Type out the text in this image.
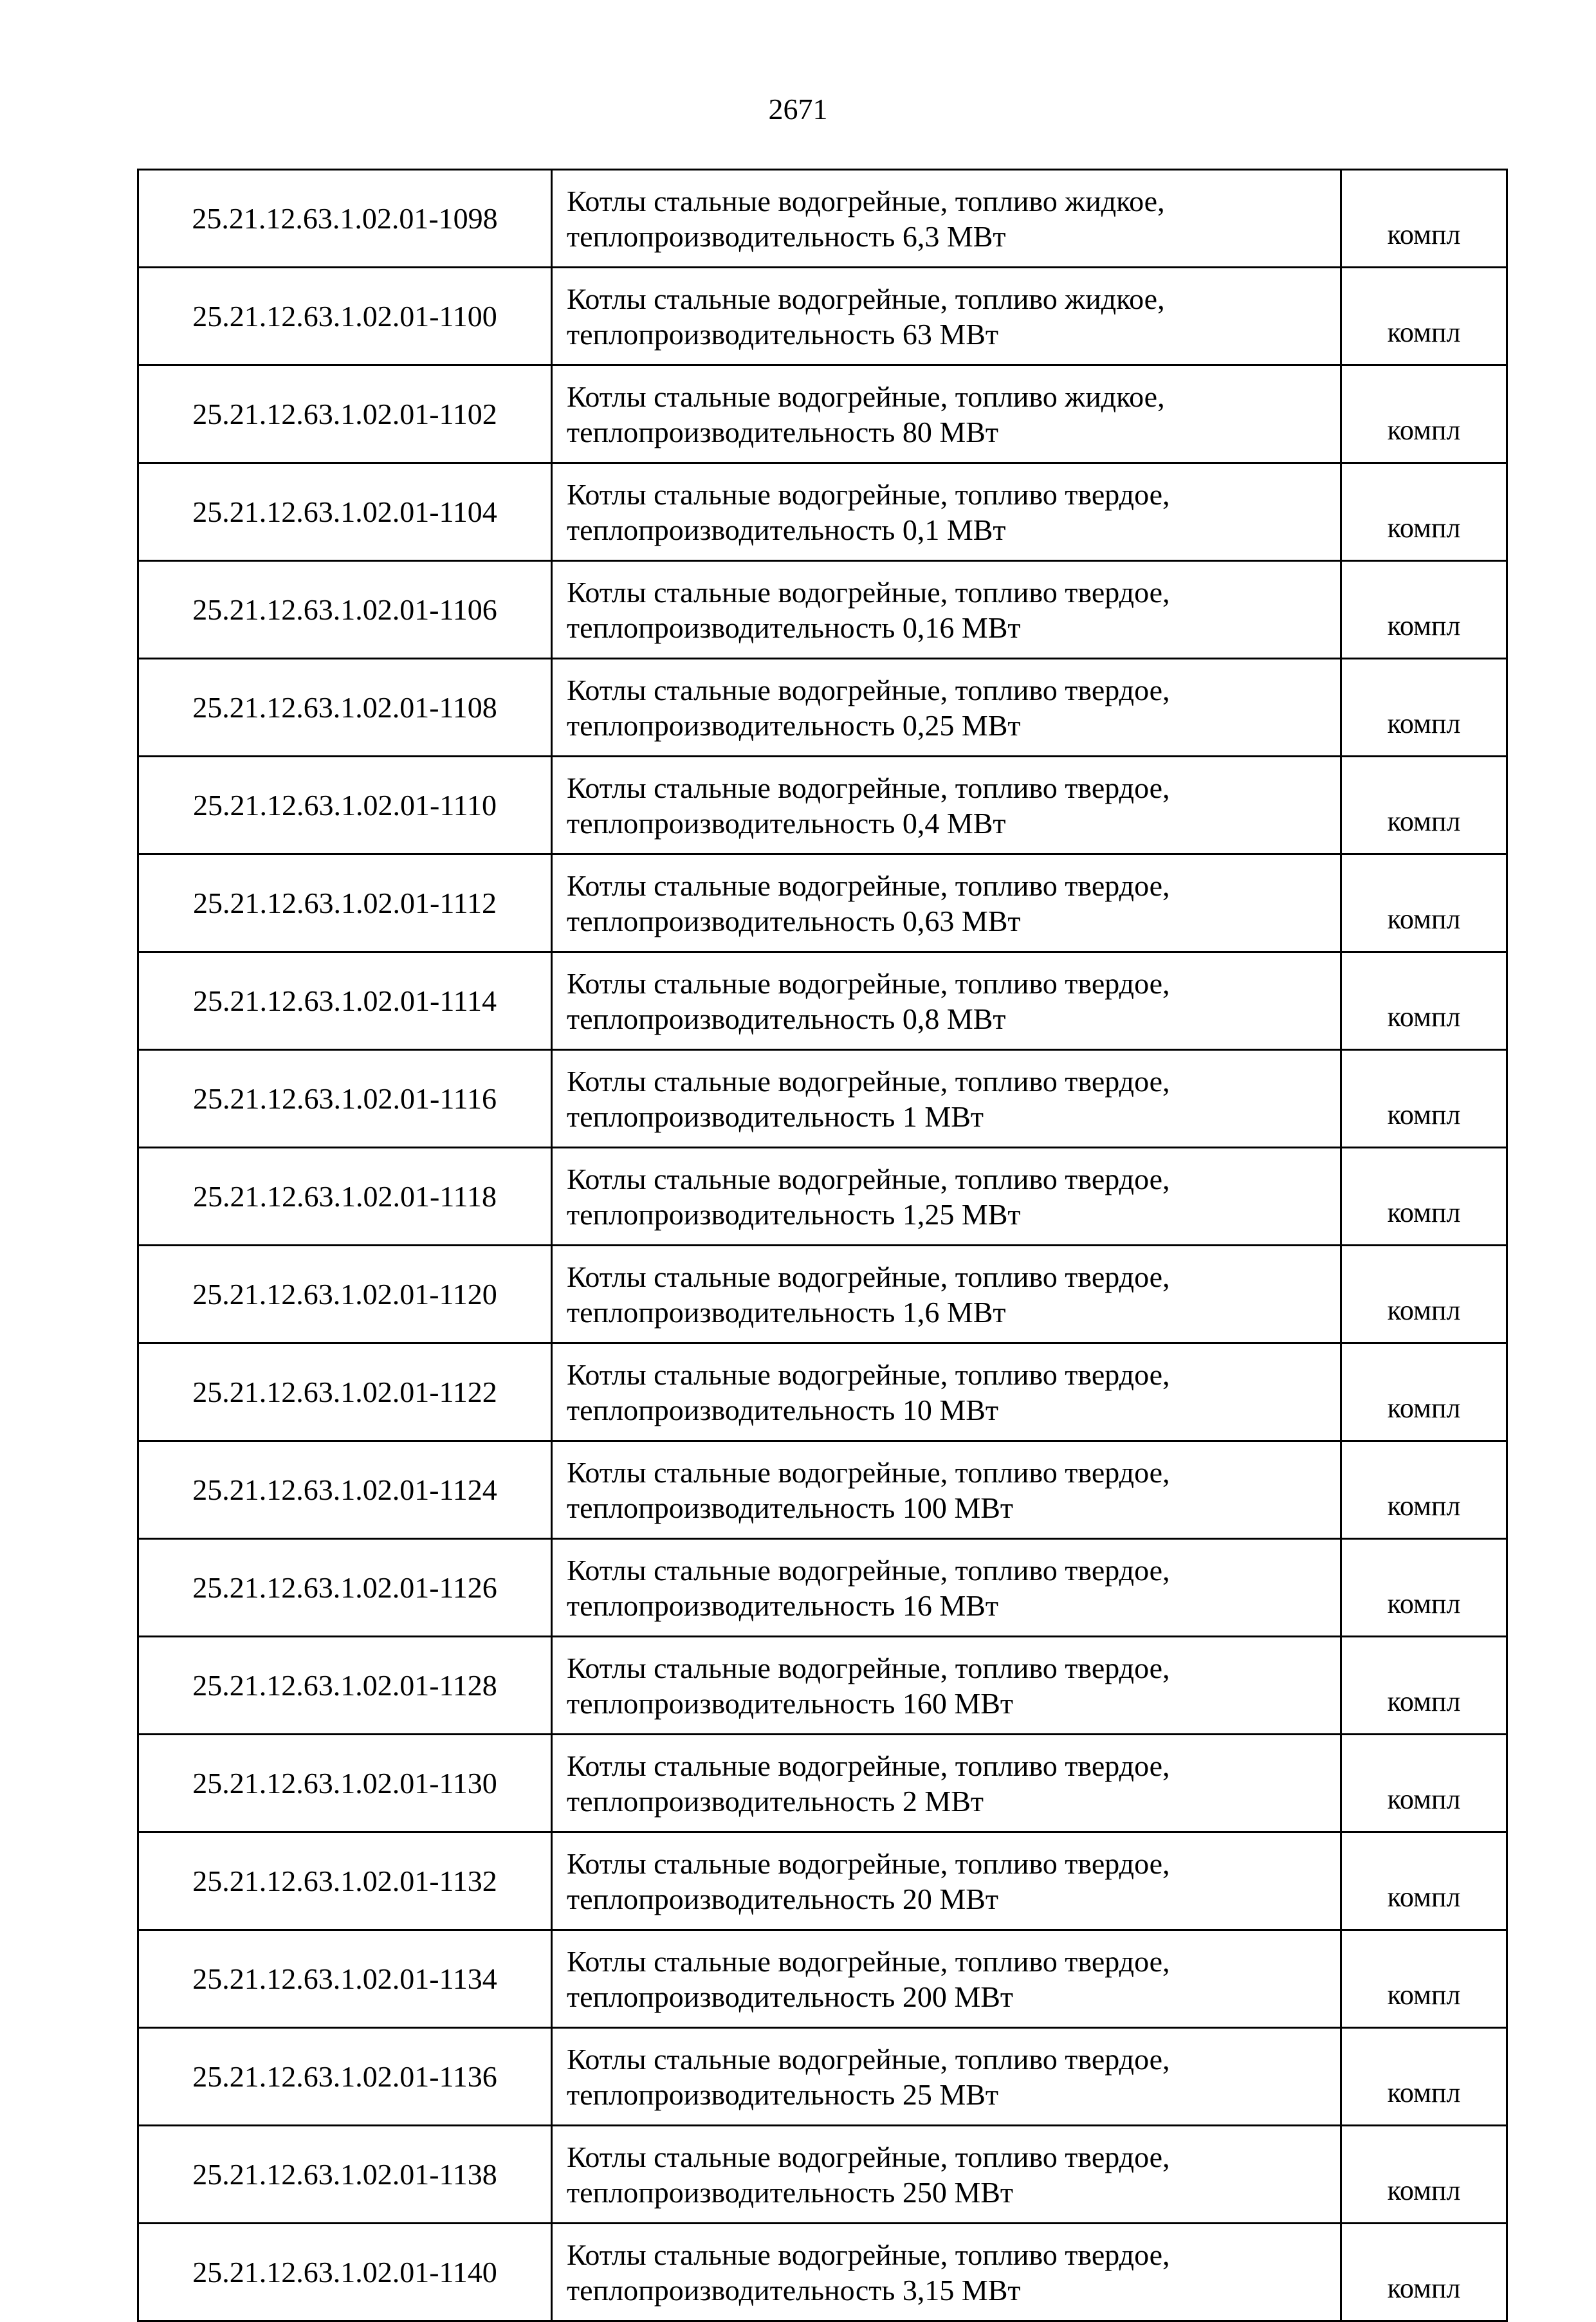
2671
25.21.12.63.1.02.01-1098	Котлы стальные водогрейные, топливо жидкое,
теплопроизводительность 6,3 МВт	компл
25.21.12.63.1.02.01-1100	Котлы стальные водогрейные, топливо жидкое,
теплопроизводительность 63 МВт	компл
25.21.12.63.1.02.01-1102	Котлы стальные водогрейные, топливо жидкое,
теплопроизводительность 80 МВт	компл
25.21.12.63.1.02.01-1104	Котлы стальные водогрейные, топливо твердое,
теплопроизводительность 0,1 МВт	компл
25.21.12.63.1.02.01-1106	Котлы стальные водогрейные, топливо твердое,
теплопроизводительность 0,16 МВт	компл
25.21.12.63.1.02.01-1108	Котлы стальные водогрейные, топливо твердое,
теплопроизводительность 0,25 МВт	компл
25.21.12.63.1.02.01-1110	Котлы стальные водогрейные, топливо твердое,
теплопроизводительность 0,4 МВт	компл
25.21.12.63.1.02.01-1112	Котлы стальные водогрейные, топливо твердое,
теплопроизводительность 0,63 МВт	компл
25.21.12.63.1.02.01-1114	Котлы стальные водогрейные, топливо твердое,
теплопроизводительность 0,8 МВт	компл
25.21.12.63.1.02.01-1116	Котлы стальные водогрейные, топливо твердое,
теплопроизводительность 1 МВт	компл
25.21.12.63.1.02.01-1118	Котлы стальные водогрейные, топливо твердое,
теплопроизводительность 1,25 МВт	компл
25.21.12.63.1.02.01-1120	Котлы стальные водогрейные, топливо твердое,
теплопроизводительность 1,6 МВт	компл
25.21.12.63.1.02.01-1122	Котлы стальные водогрейные, топливо твердое,
теплопроизводительность 10 МВт	компл
25.21.12.63.1.02.01-1124	Котлы стальные водогрейные, топливо твердое,
теплопроизводительность 100 МВт	компл
25.21.12.63.1.02.01-1126	Котлы стальные водогрейные, топливо твердое,
теплопроизводительность 16 МВт	компл
25.21.12.63.1.02.01-1128	Котлы стальные водогрейные, топливо твердое,
теплопроизводительность 160 МВт	компл
25.21.12.63.1.02.01-1130	Котлы стальные водогрейные, топливо твердое,
теплопроизводительность 2 МВт	компл
25.21.12.63.1.02.01-1132	Котлы стальные водогрейные, топливо твердое,
теплопроизводительность 20 МВт	компл
25.21.12.63.1.02.01-1134	Котлы стальные водогрейные, топливо твердое,
теплопроизводительность 200 МВт	компл
25.21.12.63.1.02.01-1136	Котлы стальные водогрейные, топливо твердое,
теплопроизводительность 25 МВт	компл
25.21.12.63.1.02.01-1138	Котлы стальные водогрейные, топливо твердое,
теплопроизводительность 250 МВт	компл
25.21.12.63.1.02.01-1140	Котлы стальные водогрейные, топливо твердое,
теплопроизводительность 3,15 МВт	компл
